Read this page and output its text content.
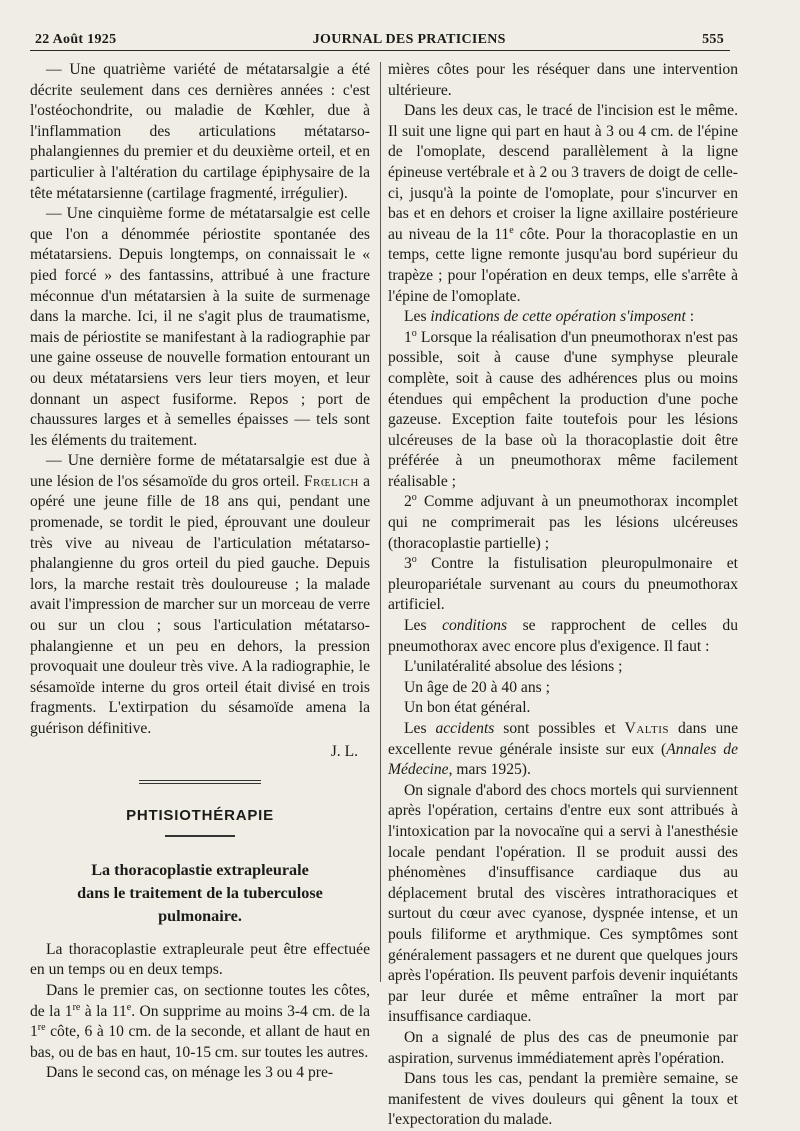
22 Août 1925	JOURNAL DES PRATICIENS	555

— Une quatrième variété de métatarsalgie a été décrite seulement dans ces dernières années : c'est l'ostéochondrite, ou maladie de Kœhler, due à l'inflammation des articulations métatarso-phalangiennes du premier et du deuxième orteil, et en particulier à l'altération du cartilage épiphysaire de la tête métatarsienne (cartilage fragmenté, irrégulier).

— Une cinquième forme de métatarsalgie est celle que l'on a dénommée périostite spontanée des métatarsiens. Depuis longtemps, on connaissait le « pied forcé » des fantassins, attribué à une fracture méconnue d'un métatarsien à la suite de surmenage dans la marche. Ici, il ne s'agit plus de traumatisme, mais de périostite se manifestant à la radiographie par une gaine osseuse de nouvelle formation entourant un ou deux métatarsiens vers leur tiers moyen, et leur donnant un aspect fusiforme. Repos ; port de chaussures larges et à semelles épaisses — tels sont les éléments du traitement.

— Une dernière forme de métatarsalgie est due à une lésion de l'os sésamoïde du gros orteil. Frœlich a opéré une jeune fille de 18 ans qui, pendant une promenade, se tordit le pied, éprouvant une douleur très vive au niveau de l'articulation métatarso-phalangienne du gros orteil du pied gauche. Depuis lors, la marche restait très douloureuse ; la malade avait l'impression de marcher sur un morceau de verre ou sur un clou ; sous l'articulation métatarso-phalangienne et un peu en dehors, la pression provoquait une douleur très vive. A la radiographie, le sésamoïde interne du gros orteil était divisé en trois fragments. L'extirpation du sésamoïde amena la guérison définitive.

J. L.

PHTISIOTHÉRAPIE

La thoracoplastie extrapleurale
dans le traitement de la tuberculose
pulmonaire.

La thoracoplastie extrapleurale peut être effectuée en un temps ou en deux temps.

Dans le premier cas, on sectionne toutes les côtes, de la 1re à la 11e. On supprime au moins 3-4 cm. de la 1re côte, 6 à 10 cm. de la seconde, et allant de haut en bas, ou de bas en haut, 10-15 cm. sur toutes les autres.

Dans le second cas, on ménage les 3 ou 4 pre-

mières côtes pour les réséquer dans une intervention ultérieure.

Dans les deux cas, le tracé de l'incision est le même. Il suit une ligne qui part en haut à 3 ou 4 cm. de l'épine de l'omoplate, descend parallèlement à la ligne épineuse vertébrale et à 2 ou 3 travers de doigt de celle-ci, jusqu'à la pointe de l'omoplate, pour s'incurver en bas et en dehors et croiser la ligne axillaire postérieure au niveau de la 11e côte. Pour la thoracoplastie en un temps, cette ligne remonte jusqu'au bord supérieur du trapèze ; pour l'opération en deux temps, elle s'arrête à l'épine de l'omoplate.

Les indications de cette opération s'imposent :

1$^o$ Lorsque la réalisation d'un pneumothorax n'est pas possible, soit à cause d'une symphyse pleurale complète, soit à cause des adhérences plus ou moins étendues qui empêchent la production d'une poche gazeuse. Exception faite toutefois pour les lésions ulcéreuses de la base où la thoracoplastie doit être préférée à un pneumothorax même facilement réalisable ;

2$^o$ Comme adjuvant à un pneumothorax incomplet qui ne comprimerait pas les lésions ulcéreuses (thoracoplastie partielle) ;

3$^o$ Contre la fistulisation pleuropulmonaire et pleuropariétale survenant au cours du pneumothorax artificiel.

Les conditions se rapprochent de celles du pneumothorax avec encore plus d'exigence. Il faut :

L'unilatéralité absolue des lésions ;

Un âge de 20 à 40 ans ;

Un bon état général.

Les accidents sont possibles et Valtis dans une excellente revue générale insiste sur eux (Annales de Médecine, mars 1925).

On signale d'abord des chocs mortels qui surviennent après l'opération, certains d'entre eux sont attribués à l'intoxication par la novocaïne qui a servi à l'anesthésie locale pendant l'opération. Il se produit aussi des phénomènes d'insuffisance cardiaque dus au déplacement brutal des viscères intrathoraciques et surtout du cœur avec cyanose, dyspnée intense, et un pouls filiforme et arythmique. Ces symptômes sont généralement passagers et ne durent que quelques jours après l'opération. Ils peuvent parfois devenir inquiétants par leur durée et même entraîner la mort par insuffisance cardiaque.

On a signalé de plus des cas de pneumonie par aspiration, survenus immédiatement après l'opération.

Dans tous les cas, pendant la première semaine, se manifestent de vives douleurs qui gênent la toux et l'expectoration du malade.
